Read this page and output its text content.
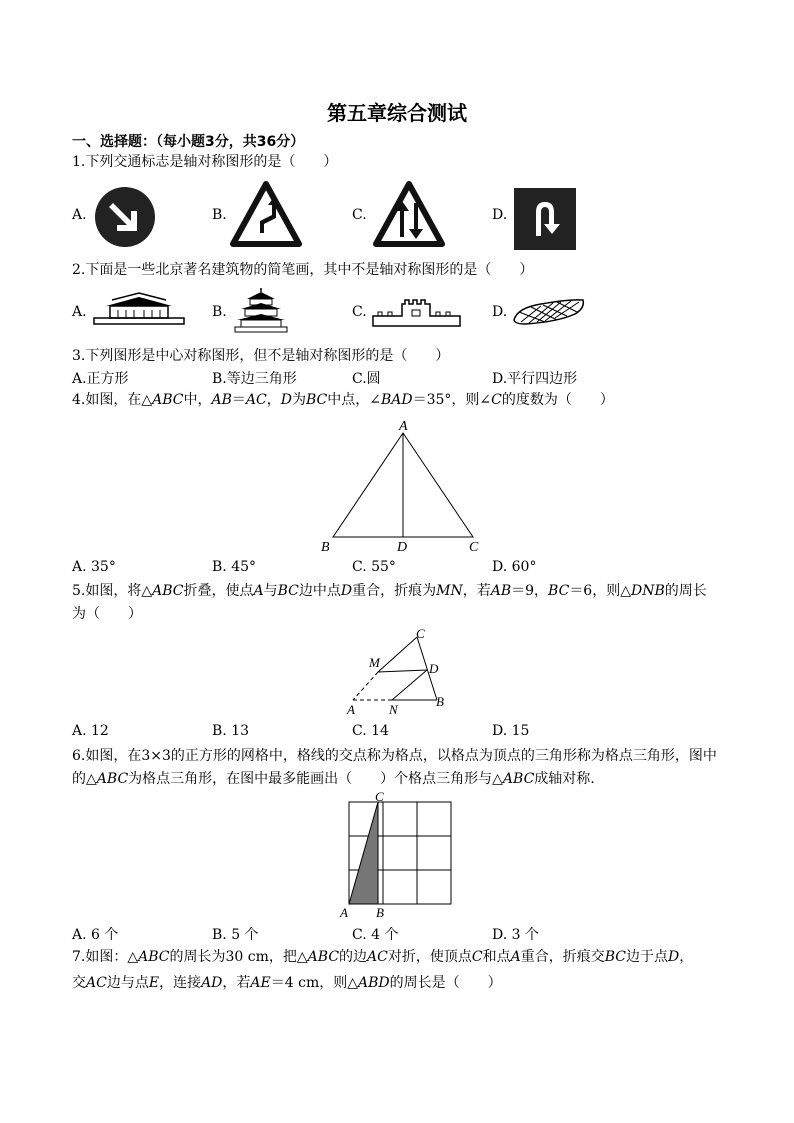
第五章综合测试
一、选择题：（每小题3分，共36分）
1.下列交通标志是轴对称图形的是（　　）
A.	B.	C.	D.
2.下面是一些北京著名建筑物的简笔画，其中不是轴对称图形的是（　　）
A.	B.	C.	D.
3.下列图形是中心对称图形，但不是轴对称图形的是（　　）
A.正方形	B.等边三角形	C.圆	D.平行四边形
4.如图，在△ABC中，AB＝AC，D为BC中点，∠BAD＝35°，则∠C的度数为（　　）
A
B	D	C
A. 35°	B. 45°	C. 55°	D. 60°
5.如图，将△ABC折叠，使点A与BC边中点D重合，折痕为MN，若AB＝9，BC＝6，则△DNB的周长
为（　　）
C
M	D
B
A	N
A. 12	B. 13	C. 14	D. 15
6.如图，在3×3的正方形的网格中，格线的交点称为格点，以格点为顶点的三角形称为格点三角形，图中
的△ABC为格点三角形，在图中最多能画出（　　）个格点三角形与△ABC成轴对称.
C
A B
A. 6 个	B. 5 个	C. 4 个	D. 3 个
7.如图：△ABC的周长为30 cm，把△ABC的边AC对折，使顶点C和点A重合，折痕交BC边于点D，
交AC边与点E，连接AD，若AE＝4 cm，则△ABD的周长是（　　）
